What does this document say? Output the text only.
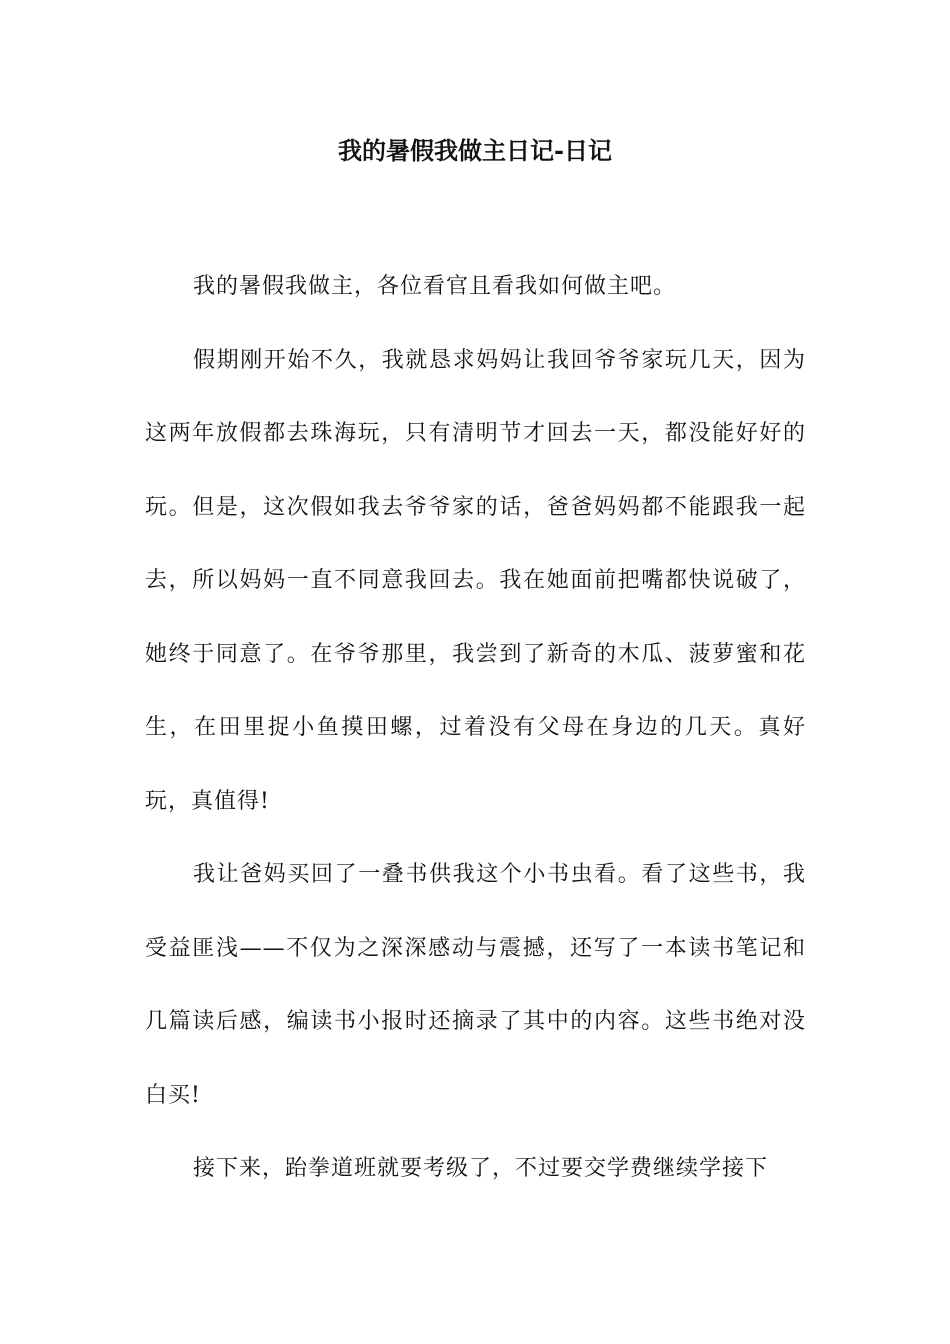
我的暑假我做主日记-日记

我的暑假我做主，各位看官且看我如何做主吧。

假期刚开始不久，我就恳求妈妈让我回爷爷家玩几天，因为这两年放假都去珠海玩，只有清明节才回去一天，都没能好好的玩。但是，这次假如我去爷爷家的话，爸爸妈妈都不能跟我一起去，所以妈妈一直不同意我回去。我在她面前把嘴都快说破了，她终于同意了。在爷爷那里，我尝到了新奇的木瓜、菠萝蜜和花生，在田里捉小鱼摸田螺，过着没有父母在身边的几天。真好玩，真值得!

我让爸妈买回了一叠书供我这个小书虫看。看了这些书，我受益匪浅——不仅为之深深感动与震撼，还写了一本读书笔记和几篇读后感，编读书小报时还摘录了其中的内容。这些书绝对没白买!

接下来，跆拳道班就要考级了，不过要交学费继续学接下
